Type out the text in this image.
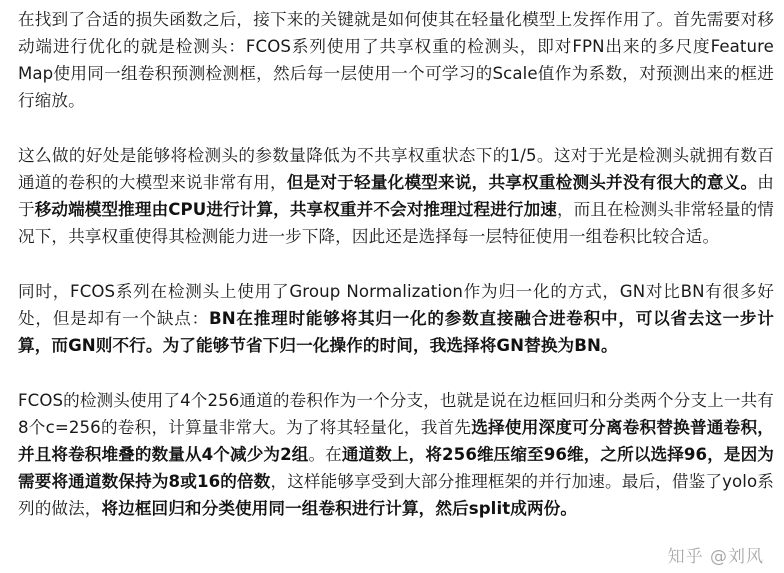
在找到了合适的损失函数之后，接下来的关键就是如何使其在轻量化模型上发挥作用了。首先需要对移动端进行优化的就是检测头：FCOS系列使用了共享权重的检测头，即对FPN出来的多尺度Feature Map使用同一组卷积预测检测框，然后每一层使用一个可学习的Scale值作为系数，对预测出来的框进行缩放。

这么做的好处是能够将检测头的参数量降低为不共享权重状态下的1/5。这对于光是检测头就拥有数百通道的卷积的大模型来说非常有用，但是对于轻量化模型来说，共享权重检测头并没有很大的意义。由于移动端模型推理由CPU进行计算，共享权重并不会对推理过程进行加速，而且在检测头非常轻量的情况下，共享权重使得其检测能力进一步下降，因此还是选择每一层特征使用一组卷积比较合适。

同时，FCOS系列在检测头上使用了Group Normalization作为归一化的方式，GN对比BN有很多好处，但是却有一个缺点：BN在推理时能够将其归一化的参数直接融合进卷积中，可以省去这一步计算，而GN则不行。为了能够节省下归一化操作的时间，我选择将GN替换为BN。

FCOS的检测头使用了4个256通道的卷积作为一个分支，也就是说在边框回归和分类两个分支上一共有8个c=256的卷积，计算量非常大。为了将其轻量化，我首先选择使用深度可分离卷积替换普通卷积，并且将卷积堆叠的数量从4个减少为2组。在通道数上，将256维压缩至96维，之所以选择96，是因为需要将通道数保持为8或16的倍数，这样能够享受到大部分推理框架的并行加速。最后，借鉴了yolo系列的做法，将边框回归和分类使用同一组卷积进行计算，然后split成两份。

知乎 @刘风
